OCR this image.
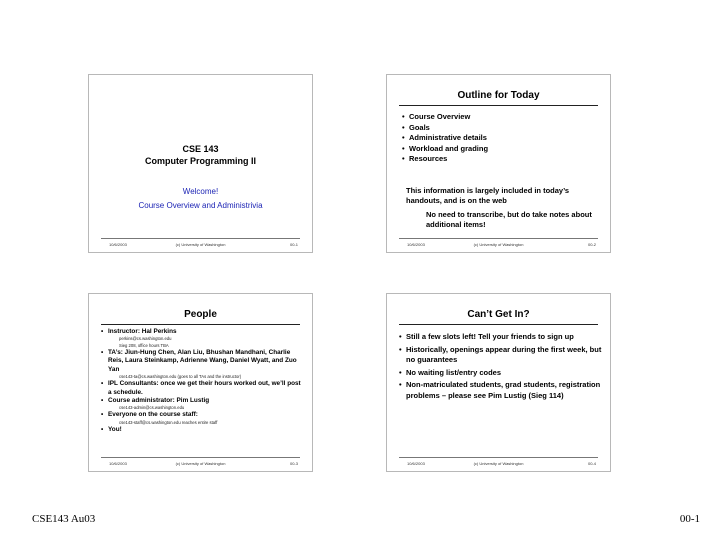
CSE 143
Computer Programming II
Welcome!
Course Overview and Administrivia
10/6/2003	(c) University of Washington	00-1
Outline for Today
• Course Overview
• Goals
• Administrative details
• Workload and grading
• Resources
This information is largely included in today’s handouts, and is on the web
No need to transcribe, but do take notes about additional items!
10/6/2003	(c) University of Washington	00-2
People
• Instructor: Hal Perkins
perkins@cs.washington.edu
Sieg 208, office hours TBA
• TA’s: Jiun-Hung Chen, Alan Liu, Bhushan Mandhani, Charlie Reis, Laura Steinkamp, Adrienne Wang, Daniel Wyatt, and Zuo Yan
cse143-ta@cs.washington.edu (goes to all TAs and the instructor)
• IPL Consultants: once we get their hours worked out, we’ll post a schedule.
• Course administrator: Pim Lustig
cse143-admin@cs.washington.edu
• Everyone on the course staff:
cse143-staff@cs.washington.edu reaches entire staff
• You!
10/6/2003	(c) University of Washington	00-3
Can’t Get In?
• Still a few slots left! Tell your friends to sign up
• Historically, openings appear during the first week, but no guarantees
• No waiting list/entry codes
• Non-matriculated students, grad students, registration problems – please see Pim Lustig (Sieg 114)
10/6/2003	(c) University of Washington	00-4
CSE143 Au03	00-1
